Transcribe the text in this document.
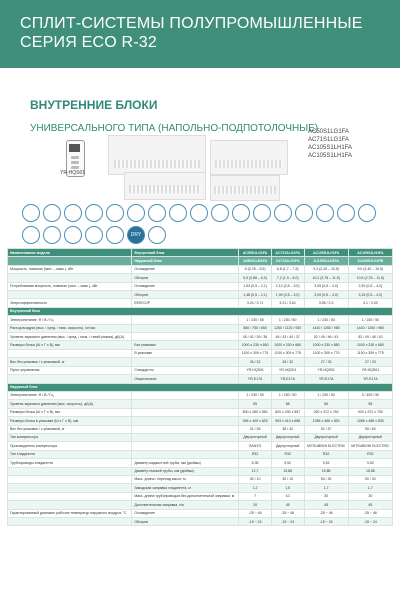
СПЛИТ-СИСТЕМЫ ПОЛУПРОМЫШЛЕННЫЕ
СЕРИЯ ECO R-32
ВНУТРЕННИЕ БЛОКИ
УНИВЕРСАЛЬНОГО ТИПА (НАПОЛЬНО-ПОДПОТОЛОЧНЫЕ)
YR-HQS01
AC50S1LG1FA
AC71S1LG1FA
AC105S1LH1FA
AC105S1LH1FA
DRY
Наименование модели	Внутренний блок	AC50S1LG1FA	AC71S1LG1FA	AC105S1LH1FA	AC105S1LH1FA
	Наружный блок	1U50S1LM1FA	1U71S1LG1FA	1U105S1LH1FA	1U105S1LS1FB
Мощность, номинал (мин. – макс.), кВт	Охлаждение	5 (0,78 – 5,5)	6,8 (1,7 – 7,5)	9,3 (2,40 – 10,5)	9,0 (2,40 – 10,5)
	Обогрев	5,5 (0,88 – 6,0)	7,2 (1,9 – 8,0)	10,2 (2,78 – 11,5)	10,5 (2,78 – 11,5)
Потребляемая мощность, номинал (мин. – макс.), кВт	Охлаждение	1,54 (0,5 – 2,1)	2,12 (0,5 – 3,0)	3,05 (0,5 – 4,0)	2,90 (0,5 – 4,0)
	Обогрев	1,48 (0,5 – 2,1)	1,99 (0,5 – 3,0)	3,09 (0,5 – 4,0)	3,15 (0,5 – 4,0)
Энергоэффективность	EER/COP	3,24 / 3,71	3,21 / 3,61	3,05 / 3,3	3,1 / 3,33
Внутренний блок					
Электропитание, Ф / В / Гц		1 / 230 / 50	1 / 230 / 50	1 / 230 / 50	1 / 230 / 50
Расход воздуха (выс. / сред. / низк. скорость), м³/час		880 / 750 / 650	1250 / 1120 / 930	1440 / 1260 / 980	1440 / 1260 / 980
Уровень звукового давления (выс. / сред. / низк. / тихий режим), дБ(А)		45 / 42 / 39 / 36	46 / 43 / 40 / 37	52 / 49 / 46 / 43	52 / 49 / 46 / 43
Размеры блока (Ш x Г x В), мм	Без упаковки	1000 x 230 x 680	1000 x 230 x 680	1000 x 230 x 680	1000 x 230 x 680
	В упаковке	1100 x 309 x 775	1100 x 309 x 775	1100 x 309 x 775	1100 x 309 x 775
Вес без упаковки / с упаковкой, кг		26 / 32	26 / 32	27 / 33	27 / 33
Пульт управления	Стандартно	YR-HQS01	YR-HQS01	YR-HQS01	YR-HQS01
	Опционально	YR-E17A	YR-E17A	YR-E17A	YR-E17A
Наружный блок					
Электропитание, Ф / В / Гц		1 / 230 / 50	1 / 230 / 50	1 / 230 / 50	3 / 400 / 50
Уровень звукового давления (выс. скорость), дБ(А)		55	58	56	58
Размеры блока (Ш x Г x В), мм		800 x 280 x 550	820 x 330 x 557	920 x 372 x 750	920 x 372 x 750
Размеры блока в упаковке (Ш x Г x В), мм		945 x 409 x 625	993 x 413 x 688	1085 x 485 x 830	1085 x 485 x 830
Вес без упаковки / с упаковкой, кг		31 / 35	38 / 42	52 / 57	55 / 60
Тип компрессора		Двухроторный	Двухроторный	Двухроторный	Двухроторный
Производитель компрессора		SANYO	Двухроторный	MITSUBISHI ELECTRIC	MITSUBISHI ELECTRIC
Тип хладагента		R32	R32	R32	R32
Трубопроводы хладагента	Диаметр жидкостной трубы, мм (дюймы)	6,35	9,52	9,52	9,52
	Диаметр газовой трубы, мм (дюймы)	12,7	15,88	15,88	15,88
	Макс. длина / перепад высот, м	30 / 10	30 / 10	50 / 30	50 / 30
	Заводская заправка хладагента, кг	1,2	1,5	1,7	1,7
	Макс. длина трубопроводов без дополнительной заправки, м	7	10	30	30
	Дополнительная заправка, г/м	20	45	45	45
Гарантированный диапазон рабочих температур наружного воздуха, °С	Охлаждение	-25 ~ 46	-25 ~ 46	-25 ~ 46	-25 ~ 46
	Обогрев	-15 ~ 24	-15 ~ 24	-15 ~ 24	-15 ~ 24
